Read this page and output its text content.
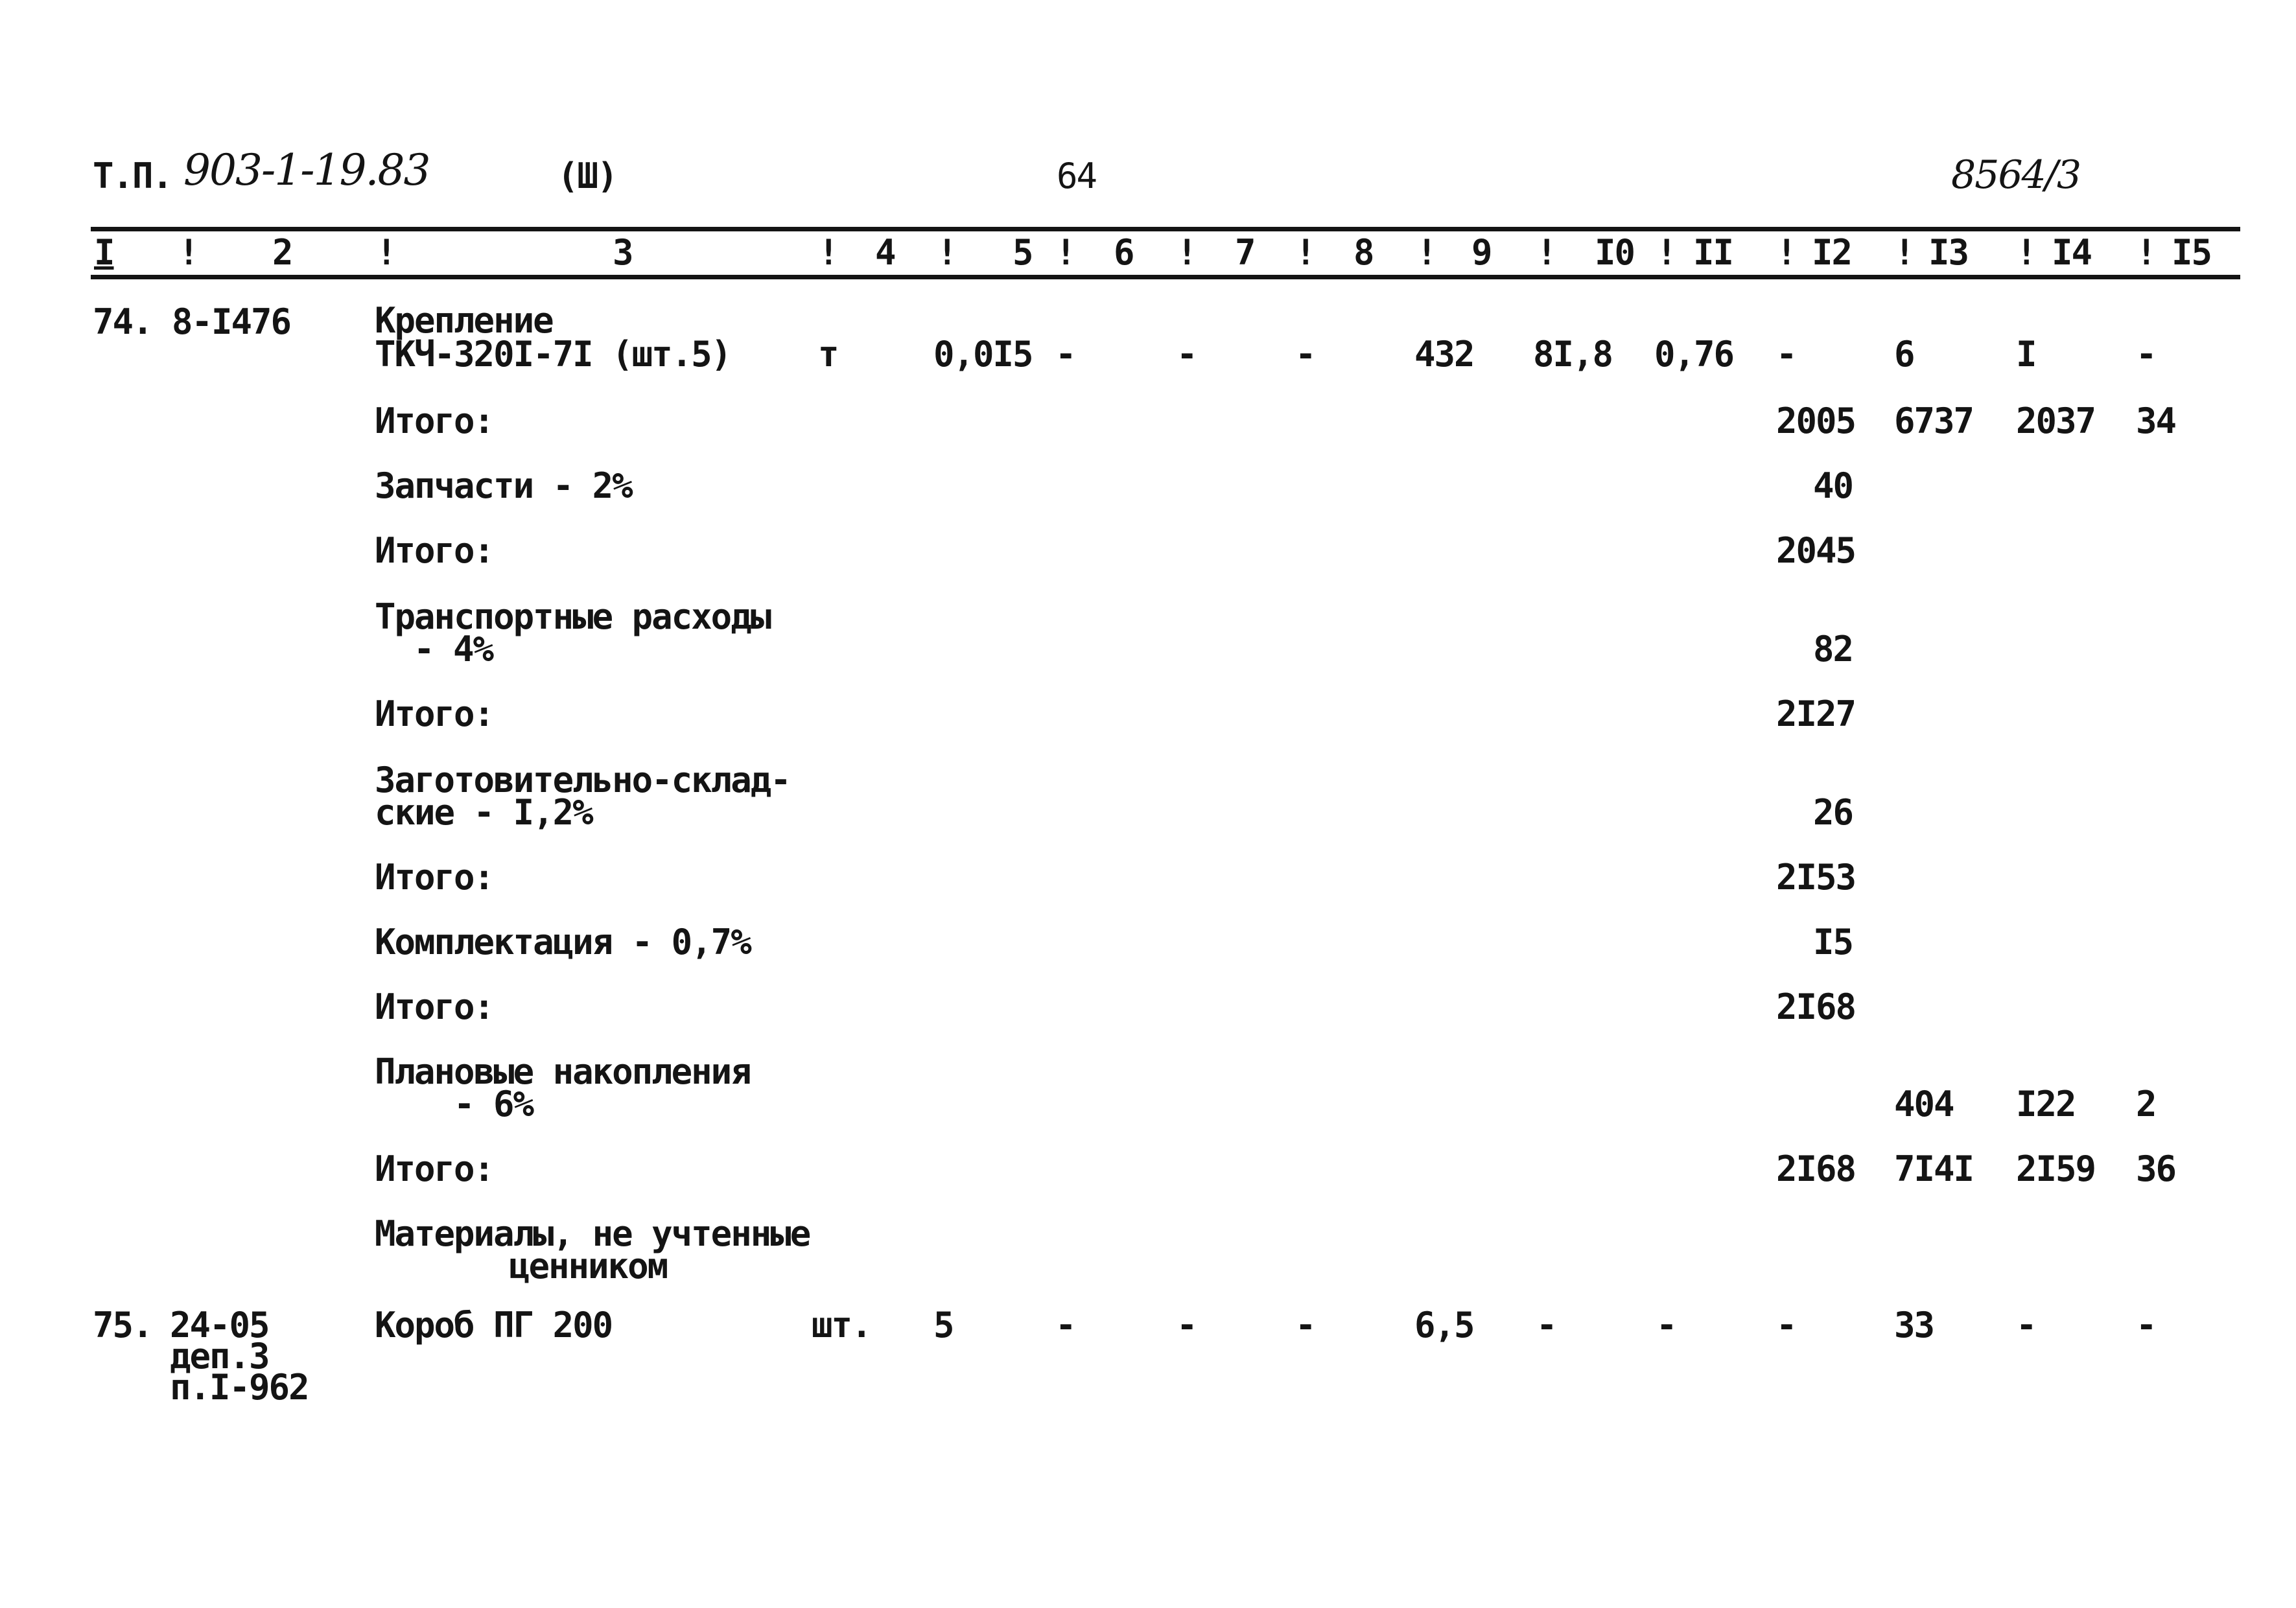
Т.П. 903-1-19.83	(Ш)	64	8564/3
I ! 2 !	3	! 4 ! 5 ! 6 ! 7 ! 8 ! 9 ! I0 ! II ! I2 ! I3 ! I4 ! I5
74. 8-I476 Крепление
ТКЧ-320I-7I (шт.5) т	0,0I5 -	-	-	432 8I,8 0,76 -	6	I	-
Итого:	2005 6737 2037 34
Запчасти - 2%	40
Итого:	2045
Транспортные расходы
- 4%	82
Итого:	2I27
Заготовительно-склад-
ские - I,2%	26
Итого:	2I53
Комплектация - 0,7%	I5
Итого:	2I68
Плановые накопления
- 6%	404 I22 2
Итого:	2I68 7I4I 2I59 36
Материалы, не учтенные
ценником
75. 24-05
деп.3
п.I-962
Короб ПГ 200	шт. 5	-	-	-	6,5 -	-	-	33 -	-
